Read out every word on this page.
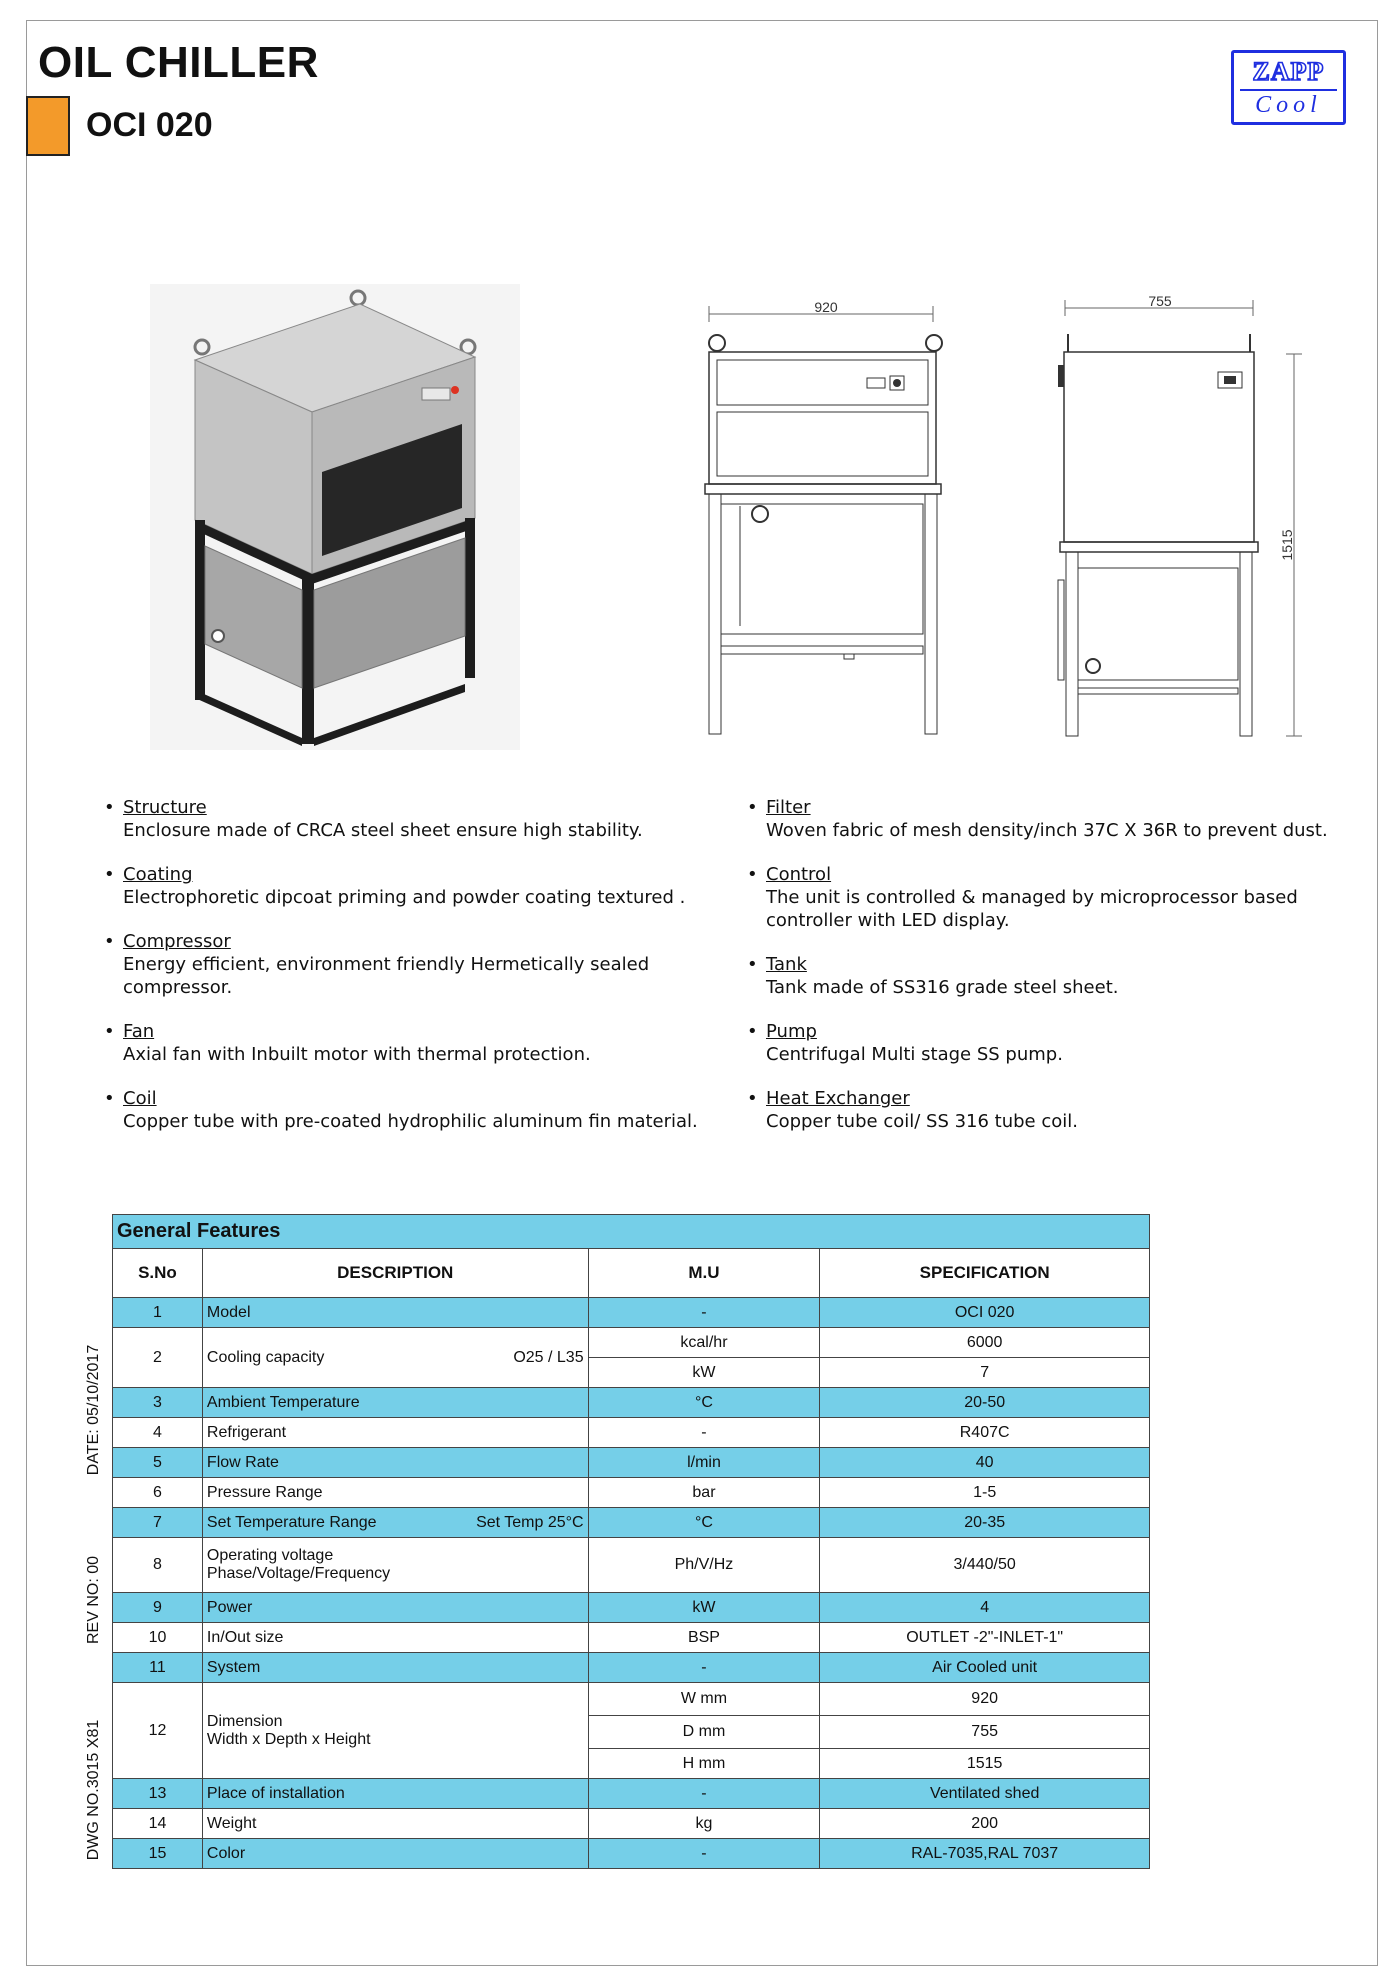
OIL CHILLER
OCI 020
ZAPP
Cool
920	755
1515
• Structure
Enclosure made of CRCA steel sheet ensure high stability.
• Coating
Electrophoretic dipcoat priming and powder coating textured .
• Compressor
Energy efficient, environment friendly Hermetically sealed compressor.
• Fan
Axial fan with Inbuilt motor with thermal protection.
• Coil
Copper tube with pre-coated hydrophilic aluminum fin material.
• Filter
Woven fabric of mesh density/inch 37C X 36R to prevent dust.
• Control
The unit is controlled & managed by microprocessor based controller with LED display.
• Tank
Tank made of SS316 grade steel sheet.
• Pump
Centrifugal Multi stage SS pump.
• Heat Exchanger
Copper tube coil/ SS 316 tube coil.
DATE: 05/10/2017
REV NO: 00
DWG NO.3015 X81
General Features			
S.No	DESCRIPTION	M.U	SPECIFICATION
1	Model	-	OCI 020
2	Cooling capacity O25 / L35	kcal/hr	6000
		kW	7
3	Ambient Temperature	°C	20-50
4	Refrigerant	-	R407C
5	Flow Rate	l/min	40
6	Pressure Range	bar	1-5
7	Set Temperature Range Set Temp 25°C	°C	20-35
8	Operating voltage
Phase/Voltage/Frequency	Ph/V/Hz	3/440/50
9	Power	kW	4
10	In/Out size	BSP	OUTLET -2"-INLET-1"
11	System	-	Air Cooled unit
12	Dimension
Width x Depth x Height	W mm	920
		D mm	755
		H mm	1515
13	Place of installation	-	Ventilated shed
14	Weight	kg	200
15	Color	-	RAL-7035,RAL 7037
